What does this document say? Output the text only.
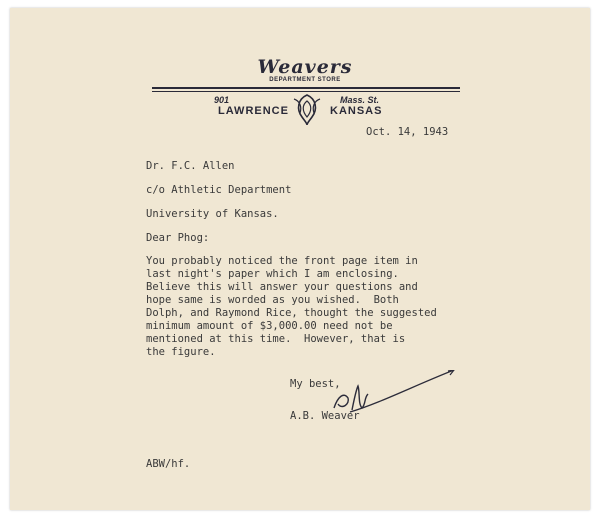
Weavers
DEPARTMENT STORE
901	Mass. St.
LAWRENCE	KANSAS
Oct. 14, 1943
Dr. F.C. Allen
c/o Athletic Department
University of Kansas.
Dear Phog:
You probably noticed the front page item in
last night's paper which I am enclosing.
Believe this will answer your questions and
hope same is worded as you wished.  Both
Dolph, and Raymond Rice, thought the suggested
minimum amount of $3,000.00 need not be
mentioned at this time.  However, that is
the figure.
My best,
A.B. Weaver
ABW/hf.
